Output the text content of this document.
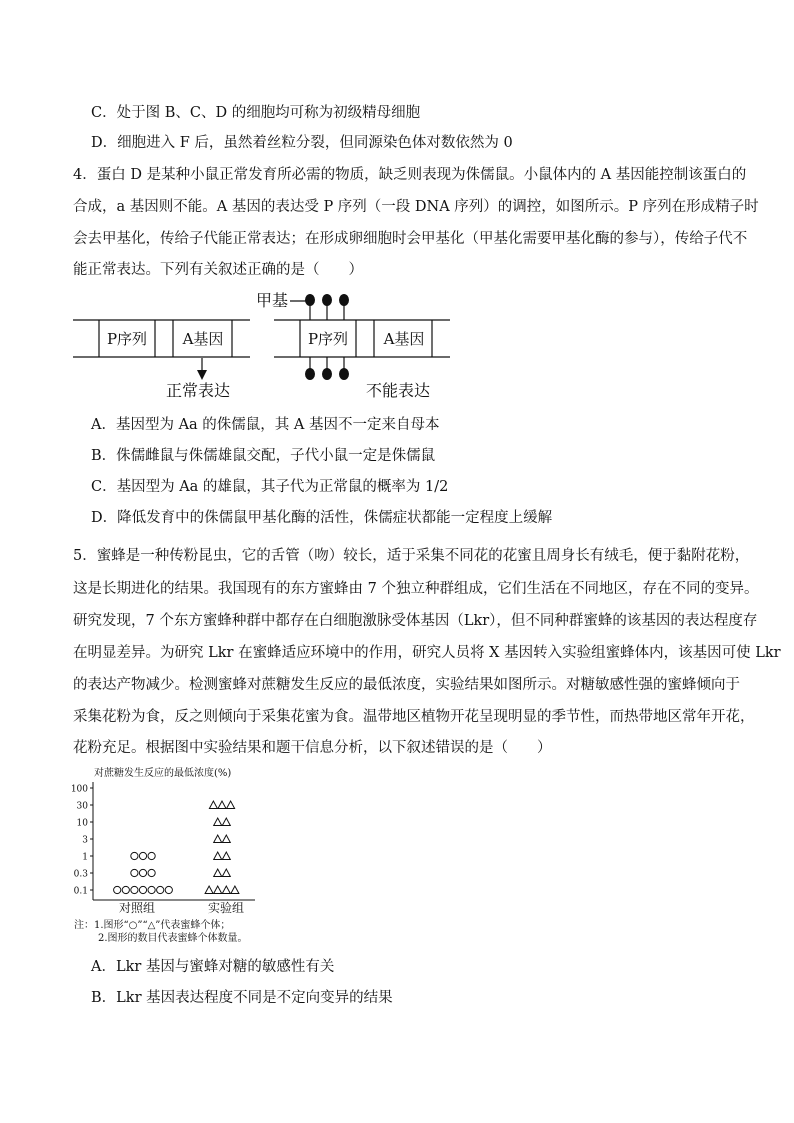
C．处于图 B、C、D 的细胞均可称为初级精母细胞
D．细胞进入 F 后，虽然着丝粒分裂，但同源染色体对数依然为 0
4．蛋白 D 是某种小鼠正常发育所必需的物质，缺乏则表现为侏儒鼠。小鼠体内的 A 基因能控制该蛋白的
合成，a 基因则不能。A 基因的表达受 P 序列（一段 DNA 序列）的调控，如图所示。P 序列在形成精子时
会去甲基化，传给子代能正常表达；在形成卵细胞时会甲基化（甲基化需要甲基化酶的参与），传给子代不
能正常表达。下列有关叙述正确的是（　　）
P序列 A基因
正常表达
P序列 A基因
甲基
不能表达
A．基因型为 Aa 的侏儒鼠，其 A 基因不一定来自母本
B．侏儒雌鼠与侏儒雄鼠交配，子代小鼠一定是侏儒鼠
C．基因型为 Aa 的雄鼠，其子代为正常鼠的概率为 1/2
D．降低发育中的侏儒鼠甲基化酶的活性，侏儒症状都能一定程度上缓解
5．蜜蜂是一种传粉昆虫，它的舌管（吻）较长，适于采集不同花的花蜜且周身长有绒毛，便于黏附花粉，
这是长期进化的结果。我国现有的东方蜜蜂由 7 个独立种群组成，它们生活在不同地区，存在不同的变异。
研究发现，7 个东方蜜蜂种群中都存在白细胞激脉受体基因（Lkr），但不同种群蜜蜂的该基因的表达程度存
在明显差异。为研究 Lkr 在蜜蜂适应环境中的作用，研究人员将 X 基因转入实验组蜜蜂体内，该基因可使 Lkr
的表达产物减少。检测蜜蜂对蔗糖发生反应的最低浓度，实验结果如图所示。对糖敏感性强的蜜蜂倾向于
采集花粉为食，反之则倾向于采集花蜜为食。温带地区植物开花呈现明显的季节性，而热带地区常年开花，
花粉充足。根据图中实验结果和题干信息分析，以下叙述错误的是（　　）
对蔗糖发生反应的最低浓度(%)
100
30
10
3
1
0.3
0.1
对照组	实验组
注：1.图形“○”“△”代表蜜蜂个体；
2.图形的数目代表蜜蜂个体数量。
A．Lkr 基因与蜜蜂对糖的敏感性有关
B．Lkr 基因表达程度不同是不定向变异的结果
